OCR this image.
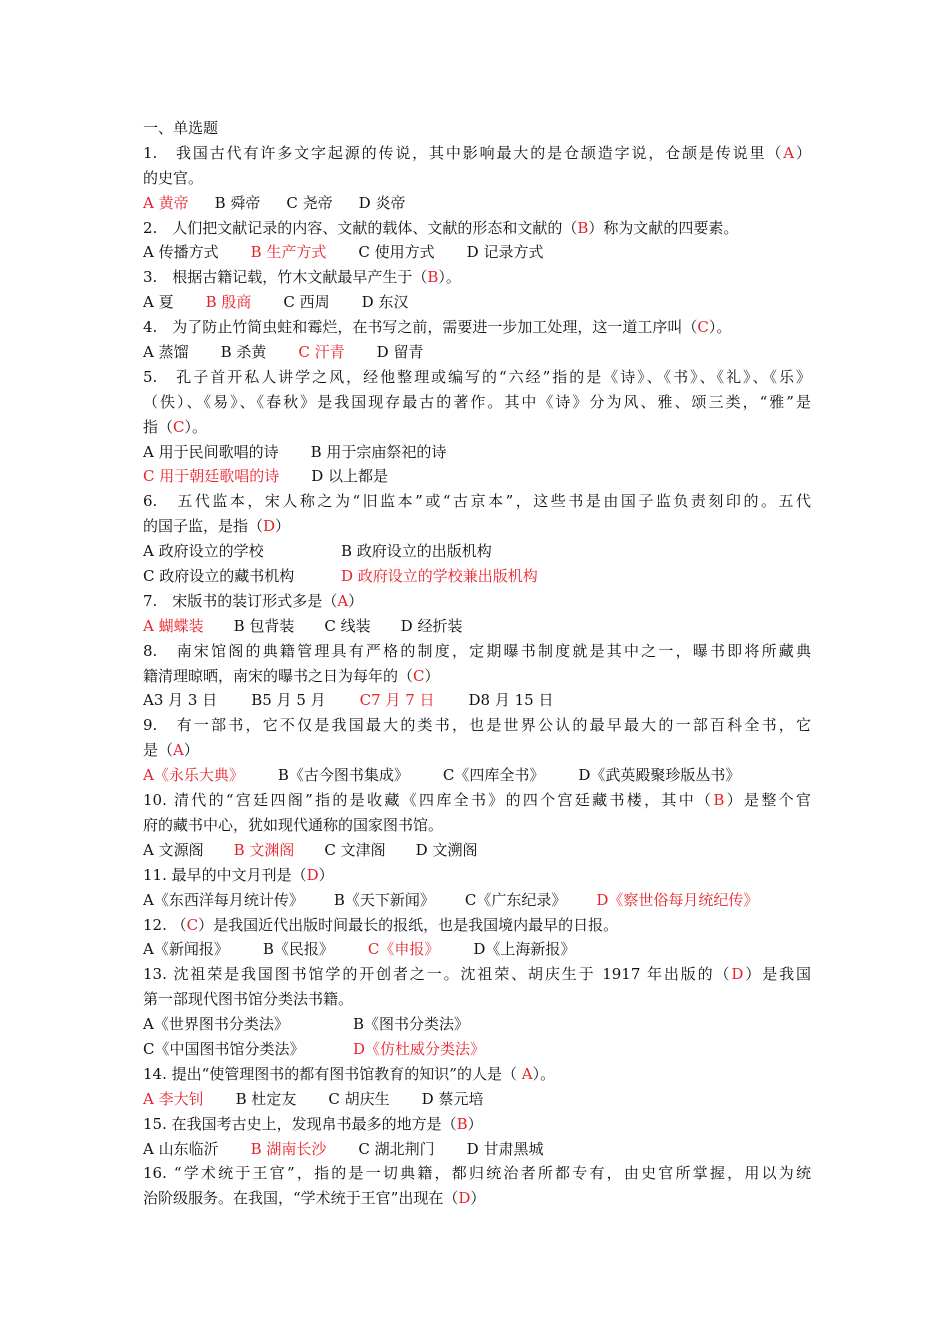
一、单选题
1.　我国古代有许多文字起源的传说，其中影响最大的是仓颉造字说，仓颉是传说里（A）
的史官。
A 黄帝 B 舜帝 C 尧帝 D 炎帝
2.　人们把文献记录的内容、文献的载体、文献的形态和文献的（B）称为文献的四要素。
A 传播方式 B 生产方式 C 使用方式 D 记录方式
3.　根据古籍记载，竹木文献最早产生于（B）。
A 夏 B 殷商 C 西周 D 东汉
4.　为了防止竹简虫蛀和霉烂，在书写之前，需要进一步加工处理，这一道工序叫（C）。
A 蒸馏 B 杀黄 C 汗青 D 留青
5.　孔子首开私人讲学之风，经他整理或编写的“六经”指的是《诗》、《书》、《礼》、《乐》
（佚）、《易》、《春秋》是我国现存最古的著作。其中《诗》分为风、雅、颂三类，“雅”是
指（C）。
A 用于民间歌唱的诗 B 用于宗庙祭祀的诗
C 用于朝廷歌唱的诗 D 以上都是
6.　五代监本，宋人称之为“旧监本”或“古京本”，这些书是由国子监负责刻印的。五代
的国子监，是指（D）
A 政府设立的学校	B 政府设立的出版机构
C 政府设立的藏书机构	D 政府设立的学校兼出版机构
7.　宋版书的装订形式多是（A）
A 蝴蝶装 B 包背装 C 线装 D 经折装
8.　南宋馆阁的典籍管理具有严格的制度，定期曝书制度就是其中之一，曝书即将所藏典
籍清理晾晒，南宋的曝书之日为每年的（C）
A3 月 3 日 B5 月 5 月 C7 月 7 日 D8 月 15 日
9.　有一部书，它不仅是我国最大的类书，也是世界公认的最早最大的一部百科全书，它
是（A）
A《永乐大典》 B《古今图书集成》 C《四库全书》 D《武英殿聚珍版丛书》
10. 清代的“宫廷四阁”指的是收藏《四库全书》的四个宫廷藏书楼，其中（B）是整个官
府的藏书中心，犹如现代通称的国家图书馆。
A 文源阁 B 文渊阁 C 文津阁 D 文溯阁
11. 最早的中文月刊是（D）
A《东西洋每月统计传》 B《天下新闻》 C《广东纪录》 D《察世俗每月统纪传》
12. （C）是我国近代出版时间最长的报纸，也是我国境内最早的日报。
A《新闻报》 B《民报》 C《申报》 D《上海新报》
13. 沈祖荣是我国图书馆学的开创者之一。沈祖荣、胡庆生于 1917 年出版的（D）是我国
第一部现代图书馆分类法书籍。
A《世界图书分类法》	B《图书分类法》
C《中国图书馆分类法》	D《仿杜威分类法》
14. 提出“使管理图书的都有图书馆教育的知识”的人是（ A）。
A 李大钊 B 杜定友 C 胡庆生 D 蔡元培
15. 在我国考古史上，发现帛书最多的地方是（B）
A 山东临沂 B 湖南长沙 C 湖北荆门 D 甘肃黑城
16. “学术统于王官”，指的是一切典籍，都归统治者所都专有，由史官所掌握，用以为统
治阶级服务。在我国，“学术统于王官”出现在（D）
